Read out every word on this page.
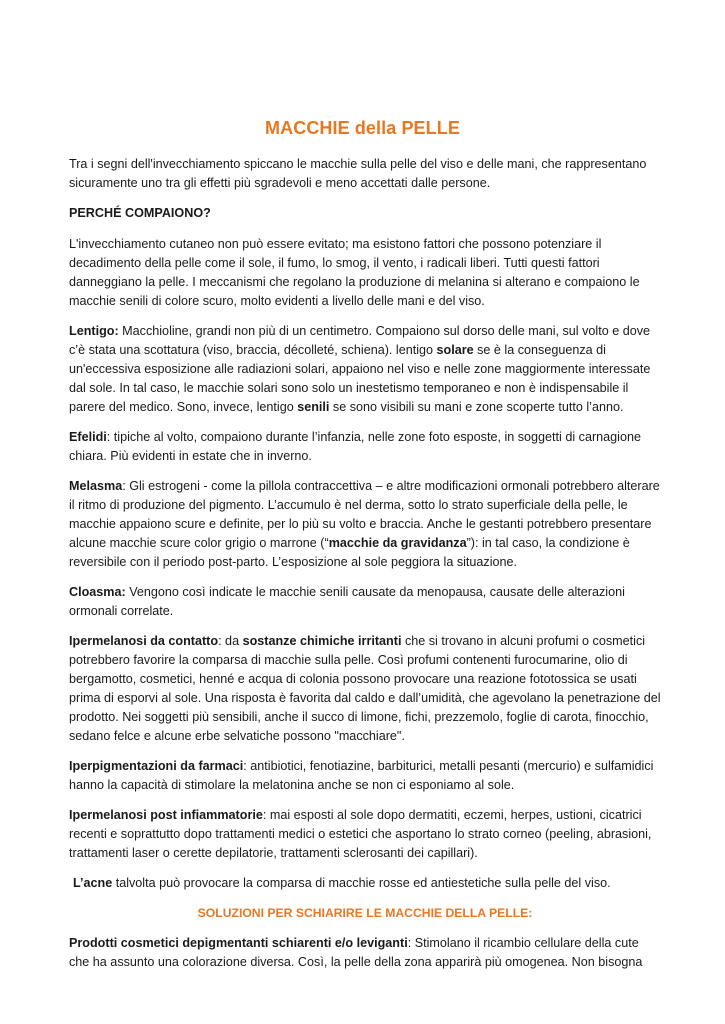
MACCHIE della PELLE

Tra i segni dell'invecchiamento spiccano le macchie sulla pelle del viso e delle mani, che rappresentano sicuramente uno tra gli effetti più sgradevoli e meno accettati dalle persone.

PERCHÉ COMPAIONO?

L'invecchiamento cutaneo non può essere evitato; ma esistono fattori che possono potenziare il decadimento della pelle come il sole, il fumo, lo smog, il vento, i radicali liberi. Tutti questi fattori danneggiano la pelle. I meccanismi che regolano la produzione di melanina si alterano e compaiono le macchie senili di colore scuro, molto evidenti a livello delle mani e del viso.

Lentigo: Macchioline, grandi non più di un centimetro. Compaiono sul dorso delle mani, sul volto e dove c’è stata una scottatura (viso, braccia, décolleté, schiena). lentigo solare se è la conseguenza di un'eccessiva esposizione alle radiazioni solari, appaiono nel viso e nelle zone maggiormente interessate dal sole. In tal caso, le macchie solari sono solo un inestetismo temporaneo e non è indispensabile il parere del medico. Sono, invece, lentigo senili se sono visibili su mani e zone scoperte tutto l’anno.

Efelidi: tipiche al volto, compaiono durante l’infanzia, nelle zone foto esposte, in soggetti di carnagione chiara. Più evidenti in estate che in inverno.

Melasma: Gli estrogeni - come la pillola contraccettiva – e altre modificazioni ormonali potrebbero alterare il ritmo di produzione del pigmento. L’accumulo è nel derma, sotto lo strato superficiale della pelle, le macchie appaiono scure e definite, per lo più su volto e braccia. Anche le gestanti potrebbero presentare alcune macchie scure color grigio o marrone (“macchie da gravidanza”): in tal caso, la condizione è reversibile con il periodo post-parto. L’esposizione al sole peggiora la situazione.

Cloasma: Vengono così indicate le macchie senili causate da menopausa, causate delle alterazioni ormonali correlate.

Ipermelanosi da contatto: da sostanze chimiche irritanti che si trovano in alcuni profumi o cosmetici potrebbero favorire la comparsa di macchie sulla pelle. Così profumi contenenti furocumarine, olio di bergamotto, cosmetici, henné e acqua di colonia possono provocare una reazione fototossica se usati prima di esporvi al sole. Una risposta è favorita dal caldo e dall’umidità, che agevolano la penetrazione del prodotto. Nei soggetti più sensibili, anche il succo di limone, fichi, prezzemolo, foglie di carota, finocchio, sedano felce e alcune erbe selvatiche possono "macchiare".

Iperpigmentazioni da farmaci: antibiotici, fenotiazine, barbiturici, metalli pesanti (mercurio) e sulfamidici hanno la capacità di stimolare la melatonina anche se non ci esponiamo al sole.

Ipermelanosi post infiammatorie: mai esposti al sole dopo dermatiti, eczemi, herpes, ustioni, cicatrici recenti e soprattutto dopo trattamenti medici o estetici che asportano lo strato corneo (peeling, abrasioni, trattamenti laser o cerette depilatorie, trattamenti sclerosanti dei capillari).

L’acne talvolta può provocare la comparsa di macchie rosse ed antiestetiche sulla pelle del viso.

SOLUZIONI PER SCHIARIRE LE MACCHIE DELLA PELLE:

Prodotti cosmetici depigmentanti schiarenti e/o leviganti: Stimolano il ricambio cellulare della cute che ha assunto una colorazione diversa. Così, la pelle della zona apparirà più omogenea. Non bisogna
